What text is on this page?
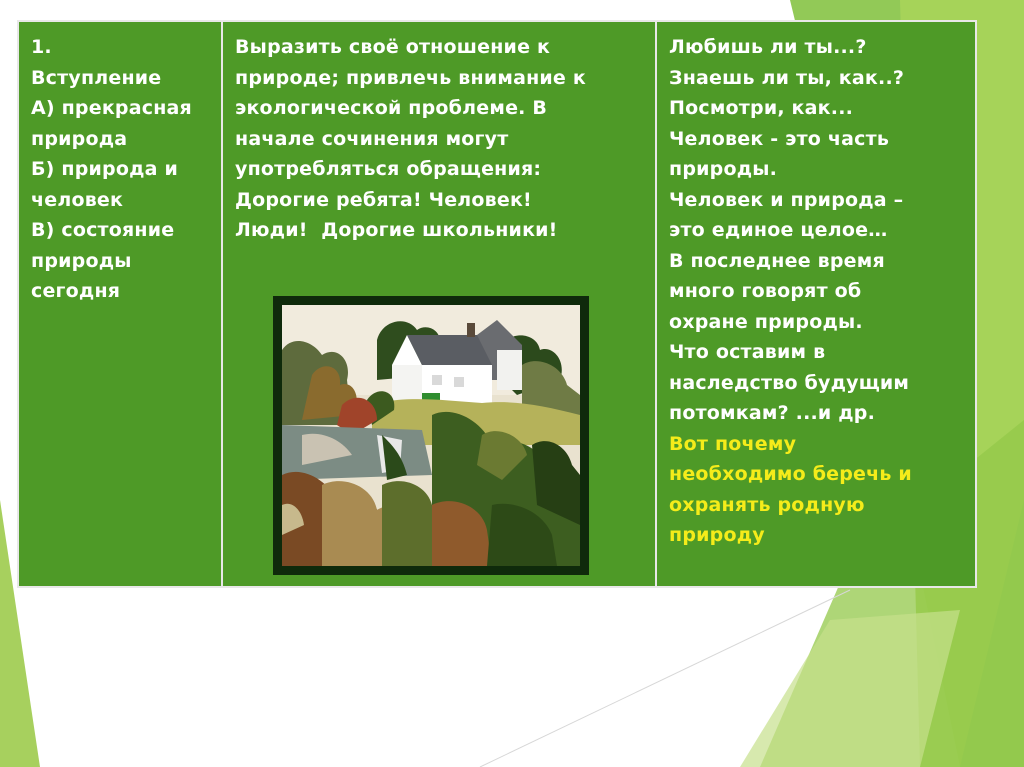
1.
Вступление
А) прекрасная
природа
Б) природа и
человек
В) состояние
природы
сегодня

Выразить своё отношение к
природе; привлечь внимание к
экологической проблеме. В
начале сочинения могут
употребляться обращения:
Дорогие ребята! Человек!
Люди!  Дорогие школьники!

Любишь ли ты...?
Знаешь ли ты, как..?
Посмотри, как...
Человек - это часть
природы.
Человек и природа –
это единое целое…
В последнее время
много говорят об
охране природы.
Что оставим в
наследство будущим
потомкам? ...и др.
Вот почему
необходимо беречь и
охранять родную
природу
